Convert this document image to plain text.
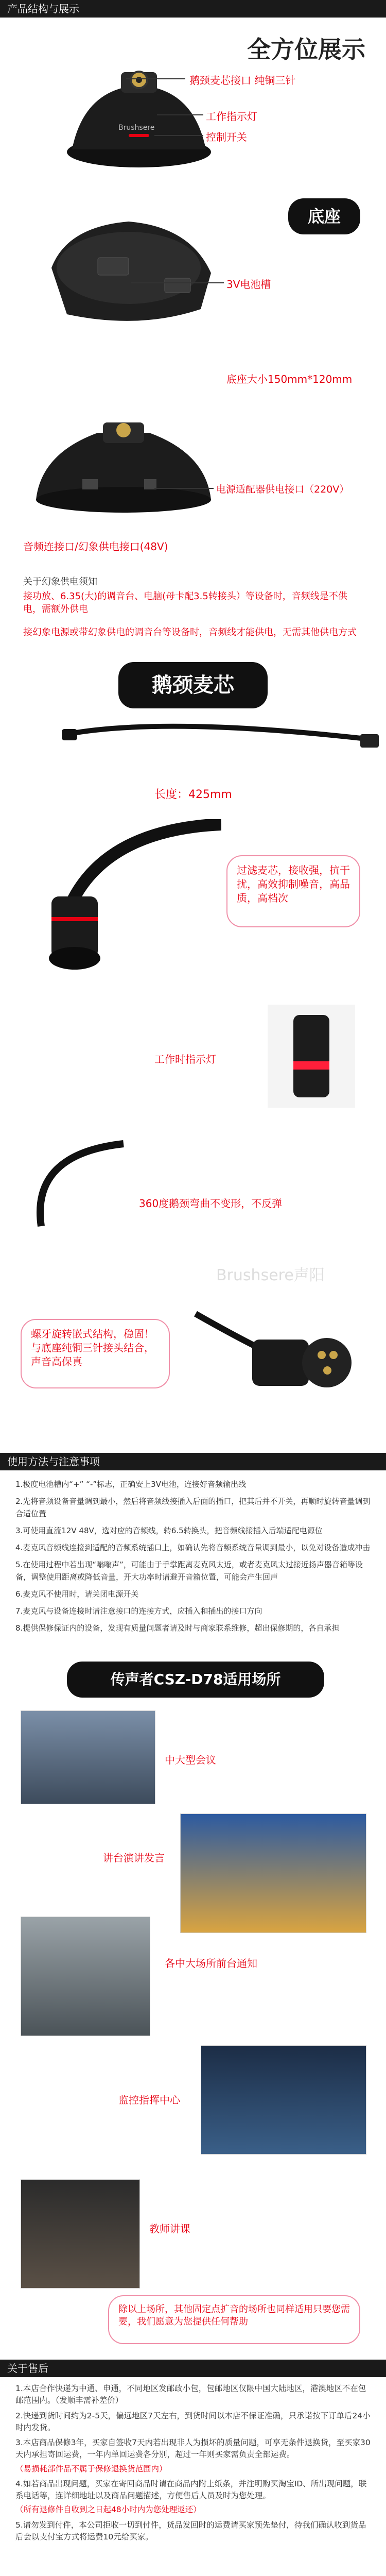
产品结构与展示
全方位展示
Brushsere
鹅颈麦芯接口 纯铜三针
工作指示灯
控制开关
底座
3V电池槽
底座大小150mm*120mm
电源适配器供电接口（220V）
音频连接口/幻象供电接口(48V)
关于幻象供电须知
接功放、6.35(大)的调音台、电脑(母卡配3.5转接头）等设备时，音频线是不供电，需额外供电
接幻象电源或带幻象供电的调音台等设备时，音频线才能供电，无需其他供电方式
鹅颈麦芯
长度：425mm
过滤麦芯，接收强，抗干扰，高效抑制噪音，高品质，高档次
工作时指示灯
360度鹅颈弯曲不变形，不反弹
Brushsere声阳
螺牙旋转嵌式结构，稳固！与底座纯铜三针接头结合，声音高保真
使用方法与注意事项
1.极度电池槽内“+” “-”标志，正确安上3V电池，连接好音频输出线
2.先将音频设备音量调到最小，然后将音频线接插入后面的插口，把其后并不开关，再顺时旋转音量调到合适位置
3.可使用直流12V 48V，选对应的音频线，转6.5转换头，把音频线接插入后端适配电源位
4.麦克风音频线连接到适配的音频系统插口上，如确认先将音频系统音量调到最小，以免对设备造成冲击
5.在使用过程中若出现“嗡嗡声”，可能由于手掌距离麦克风太近，或者麦克风太过接近扬声器音箱等设备，调整使用距离或降低音量，开大功率时请避开音箱位置，可能会产生回声
6.麦克风不使用时，请关闭电源开关
7.麦克风与设备连接时请注意接口的连接方式，应插入和插出的接口方向
8.提供保修保证内的设备，发现有质量问题者请及时与商家联系维修，超出保修期的，各自承担
传声者CSZ-D78适用场所
中大型会议
讲台演讲发言
各中大场所前台通知
监控指挥中心
教师讲课
除以上场所，其他固定点扩音的场所也同样适用只要您需要，我们愿意为您提供任何帮助
关于售后
1.本店合作快递为中通、申通，不同地区发邮政小包，包邮地区仅限中国大陆地区，港澳地区不在包邮范围内。（发顺丰需补差价）
2.快递到货时间约为2-5天，偏远地区7天左右，到货时间以本店不保证准确，只承诺按下订单后24小时内发货。
3.本店商品保修3年，买家自签收7天内若出现非人为损坏的质量问题，可享无条件退换货，至买家30天内承担寄回运费，一年内单回运费各分别，超过一年则买家需负责全部运费。
（易损耗部件品不属于保修退换货范围内）
4.如若商品出现问题，买家在寄回商品时请在商品内附上纸条，并注明购买淘宝ID、所出现问题，联系电话等，连详细地址以及商品问题描述，方便售后人员及时为您处理。
（所有退修件自收到之日起48小时内为您处理返还）
5.请勿发到付件，本公司拒收一切到付件，货品发回时的运费请买家预先垫付，待我们确认收到货品后会以支付宝方式将运费10元给买家。
